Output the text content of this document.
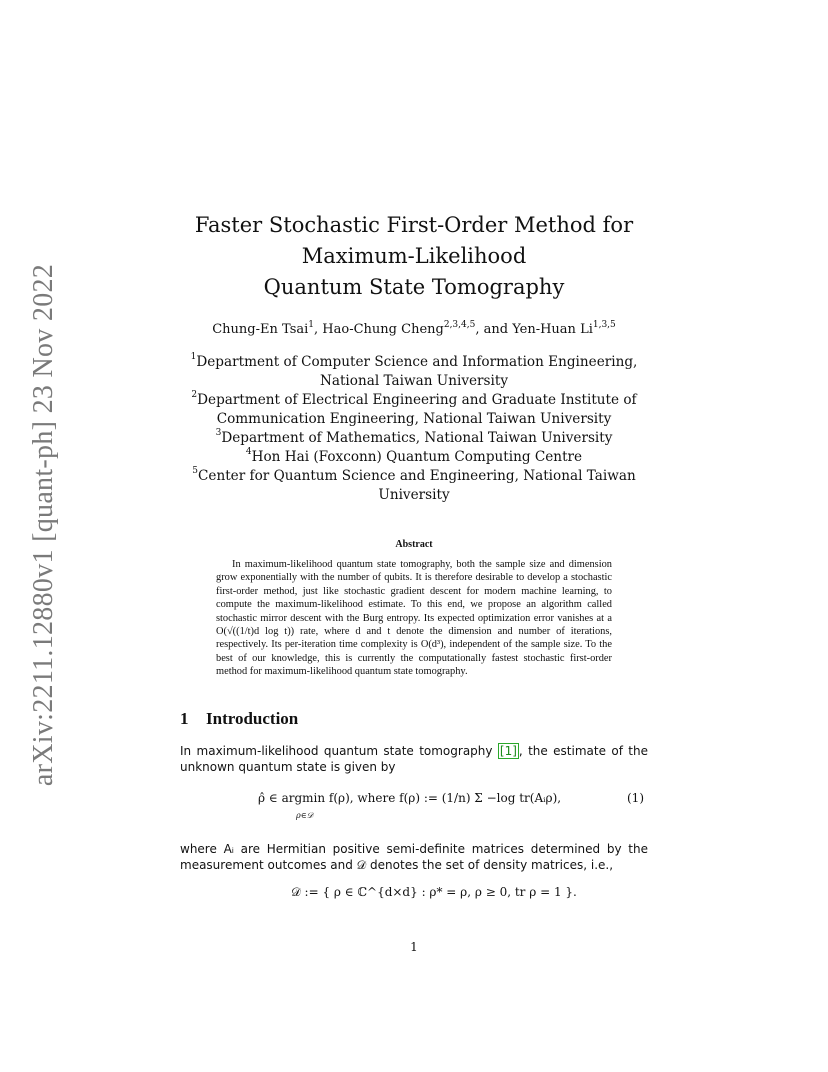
arXiv:2211.12880v1 [quant-ph] 23 Nov 2022
Faster Stochastic First-Order Method for
Maximum-Likelihood
Quantum State Tomography
Chung-En Tsai$^1$, Hao-Chung Cheng$^{2,3,4,5}$, and Yen-Huan Li$^{1,3,5}$
$^1$Department of Computer Science and Information Engineering,
National Taiwan University
$^2$Department of Electrical Engineering and Graduate Institute of
Communication Engineering, National Taiwan University
$^3$Department of Mathematics, National Taiwan University
$^4$Hon Hai (Foxconn) Quantum Computing Centre
$^5$Center for Quantum Science and Engineering, National Taiwan
University
Abstract
In maximum-likelihood quantum state tomography, both the sample size and dimension grow exponentially with the number of qubits. It is therefore desirable to develop a stochastic first-order method, just like stochastic gradient descent for modern machine learning, to compute the maximum-likelihood estimate. To this end, we propose an algorithm called stochastic mirror descent with the Burg entropy. Its expected optimization error vanishes at a O(√((1/t)d log t)) rate, where d and t denote the dimension and number of iterations, respectively. Its per-iteration time complexity is O(d³), independent of the sample size. To the best of our knowledge, this is currently the computationally fastest stochastic first-order method for maximum-likelihood quantum state tomography.
1 Introduction
In maximum-likelihood quantum state tomography [1] , the estimate of the unknown quantum state is given by
ρ̂ ∈ argmin f(ρ), where f(ρ) := (1/n) Σ −log tr(Aᵢρ),
ρ∈𝒟
(1)
where Aᵢ are Hermitian positive semi-definite matrices determined by the measurement outcomes and 𝒟 denotes the set of density matrices, i.e.,
𝒟 := { ρ ∈ ℂ^{d×d} : ρ* = ρ, ρ ≥ 0, tr ρ = 1 }.
1
